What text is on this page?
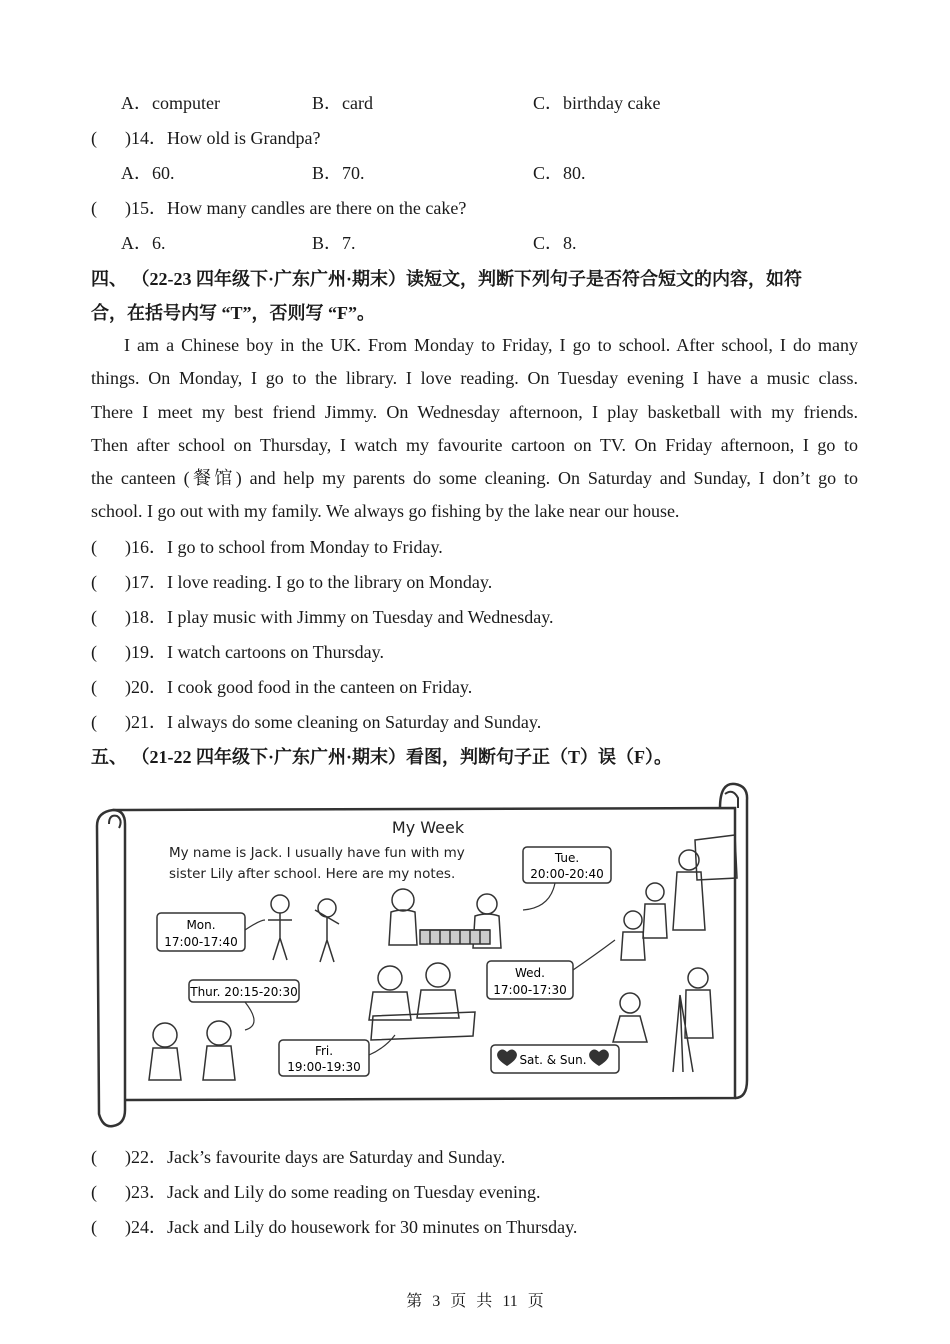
A．computer	B．card	C．birthday cake
( )14．How old is Grandpa?
A．60.	B．70.	C．80.
( )15．How many candles are there on the cake?
A．6.	B．7.	C．8.
四、 （22-23 四年级下·广东广州·期末）读短文，判断下列句子是否符合短文的内容，如符
合，在括号内写 “T”，否则写 “F”。
I am a Chinese boy in the UK. From Monday to Friday, I go to school. After school, I do many
things. On Monday, I go to the library. I love reading. On Tuesday evening I have a music class.
There I meet my best friend Jimmy. On Wednesday afternoon, I play basketball with my friends.
Then after school on Thursday, I watch my favourite cartoon on TV. On Friday afternoon, I go to
the canteen (餐馆) and help my parents do some cleaning. On Saturday and Sunday, I don’t go to
school. I go out with my family. We always go fishing by the lake near our house.
( )16．I go to school from Monday to Friday.
( )17．I love reading. I go to the library on Monday.
( )18．I play music with Jimmy on Tuesday and Wednesday.
( )19．I watch cartoons on Thursday.
( )20．I cook good food in the canteen on Friday.
( )21．I always do some cleaning on Saturday and Sunday.
五、 （21-22 四年级下·广东广州·期末）看图，判断句子正（T）误（F）。
My Week
My name is Jack. I usually have fun with my
sister Lily after school. Here are my notes.
Mon.
17:00-17:40
Tue.
20:00-20:40
Wed.
17:00-17:30
Thur. 20:15-20:30
Fri.
19:00-19:30	Sat. & Sun.
( )22．Jack’s favourite days are Saturday and Sunday.
( )23．Jack and Lily do some reading on Tuesday evening.
( )24．Jack and Lily do housework for 30 minutes on Thursday.
第 3 页 共 11 页
